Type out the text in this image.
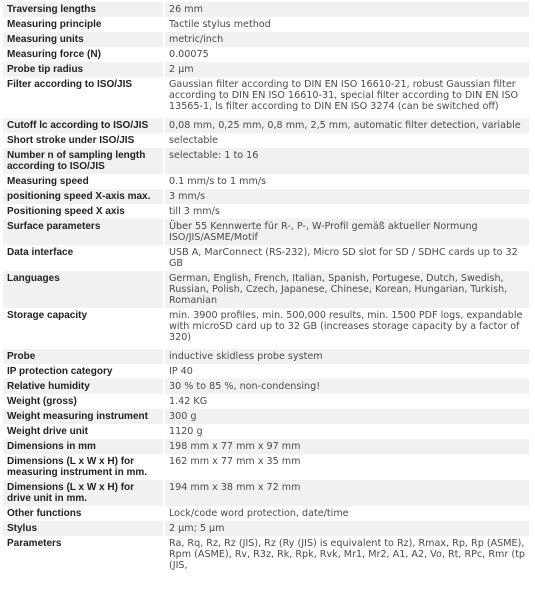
Traversing lengths	26 mm
Measuring principle	Tactile stylus method
Measuring units	metric/inch
Measuring force (N)	0.00075
Probe tip radius	2 µm
Filter according to ISO/JIS	Gaussian filter according to DIN EN ISO 16610-21, robust Gaussian filter according to DIN EN ISO 16610-31, special filter according to DIN EN ISO 13565-1, ls filter according to DIN EN ISO 3274 (can be switched off)
Cutoff lc according to ISO/JIS	0,08 mm, 0,25 mm, 0,8 mm, 2,5 mm, automatic filter detection, variable
Short stroke under ISO/JIS	selectable
Number n of sampling length according to ISO/JIS	selectable: 1 to 16
Measuring speed	0.1 mm/s to 1 mm/s
positioning speed X-axis max.	3 mm/s
Positioning speed X axis	till 3 mm/s
Surface parameters	Über 55 Kennwerte für R-, P-, W-Profil gemäß aktueller Normung ISO/JIS/ASME/Motif
Data interface	USB A, MarConnect (RS-232), Micro SD slot for SD / SDHC cards up to 32 GB
Languages	German, English, French, Italian, Spanish, Portugese, Dutch, Swedish, Russian, Polish, Czech, Japanese, Chinese, Korean, Hungarian, Turkish, Romanian
Storage capacity	min. 3900 profiles, min. 500,000 results, min. 1500 PDF logs, expandable with microSD card up to 32 GB (increases storage capacity by a factor of 320)
Probe	inductive skidless probe system
IP protection category	IP 40
Relative humidity	30 % to 85 %, non-condensing!
Weight (gross)	1.42 KG
Weight measuring instrument	300 g
Weight drive unit	1120 g
Dimensions in mm	198 mm x 77 mm x 97 mm
Dimensions (L x W x H) for measuring instrument in mm.	162 mm x 77 mm x 35 mm
Dimensions (L x W x H) for drive unit in mm.	194 mm x 38 mm x 72 mm
Other functions	Lock/code word protection, date/time
Stylus	2 µm; 5 µm
Parameters	Ra, Rq, Rz, Rz (JIS), Rz (Ry (JIS) is equivalent to Rz), Rmax, Rp, Rp (ASME), Rpm (ASME), Rv, R3z, Rk, Rpk, Rvk, Mr1, Mr2, A1, A2, Vo, Rt, RPc, Rmr (tp (JIS,
